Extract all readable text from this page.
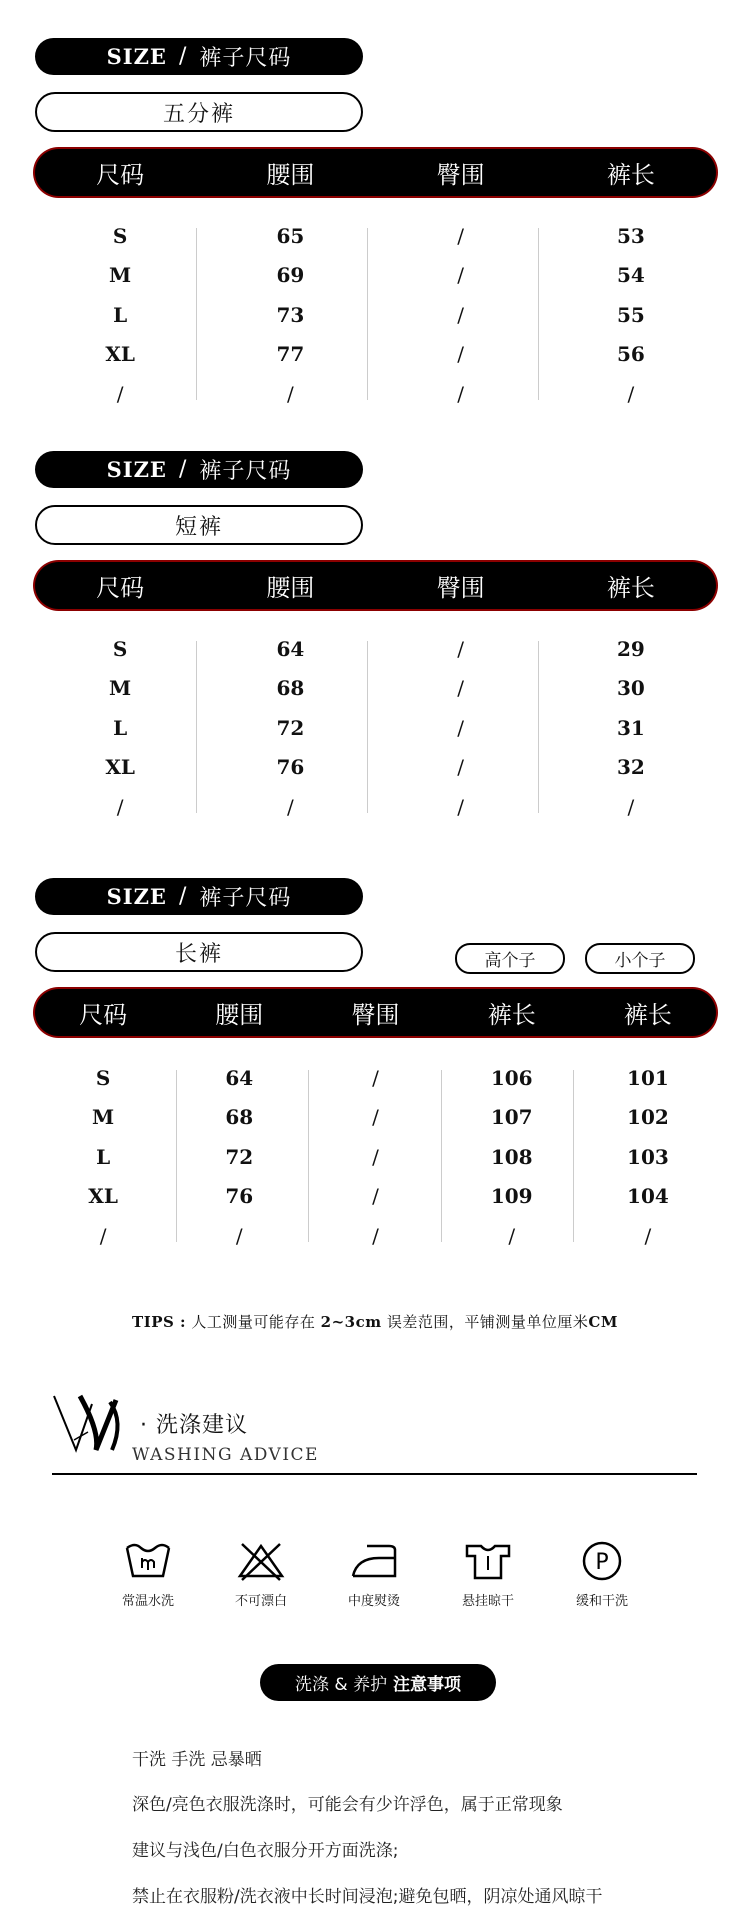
SIZE / 裤子尺码
五分裤
尺码	腰围	臀围	裤长
S	65	/	53
M	69	/	54
L	73	/	55
XL	77	/	56
/	/	/	/
SIZE / 裤子尺码
短裤
尺码	腰围	臀围	裤长
S	64	/	29
M	68	/	30
L	72	/	31
XL	76	/	32
/	/	/	/
SIZE / 裤子尺码
长裤	高个子	小个子
尺码	腰围	臀围	裤长	裤长
S	64	/	106	101
M	68	/	107	102
L	72	/	108	103
XL	76	/	109	104
/	/	/	/	/
TIPS : 人工测量可能存在 2~3cm 误差范围，平铺测量单位厘米CM
· 洗涤建议
WASHING ADVICE
常温水洗	不可漂白	中度熨烫	悬挂晾干
P
缓和干洗
洗涤 & 养护
注意事项
干洗 手洗 忌暴晒
深色/亮色衣服洗涤时，可能会有少许浮色，属于正常现象
建议与浅色/白色衣服分开方面洗涤;
禁止在衣服粉/洗衣液中长时间浸泡;避免包晒，阴凉处通风晾干
